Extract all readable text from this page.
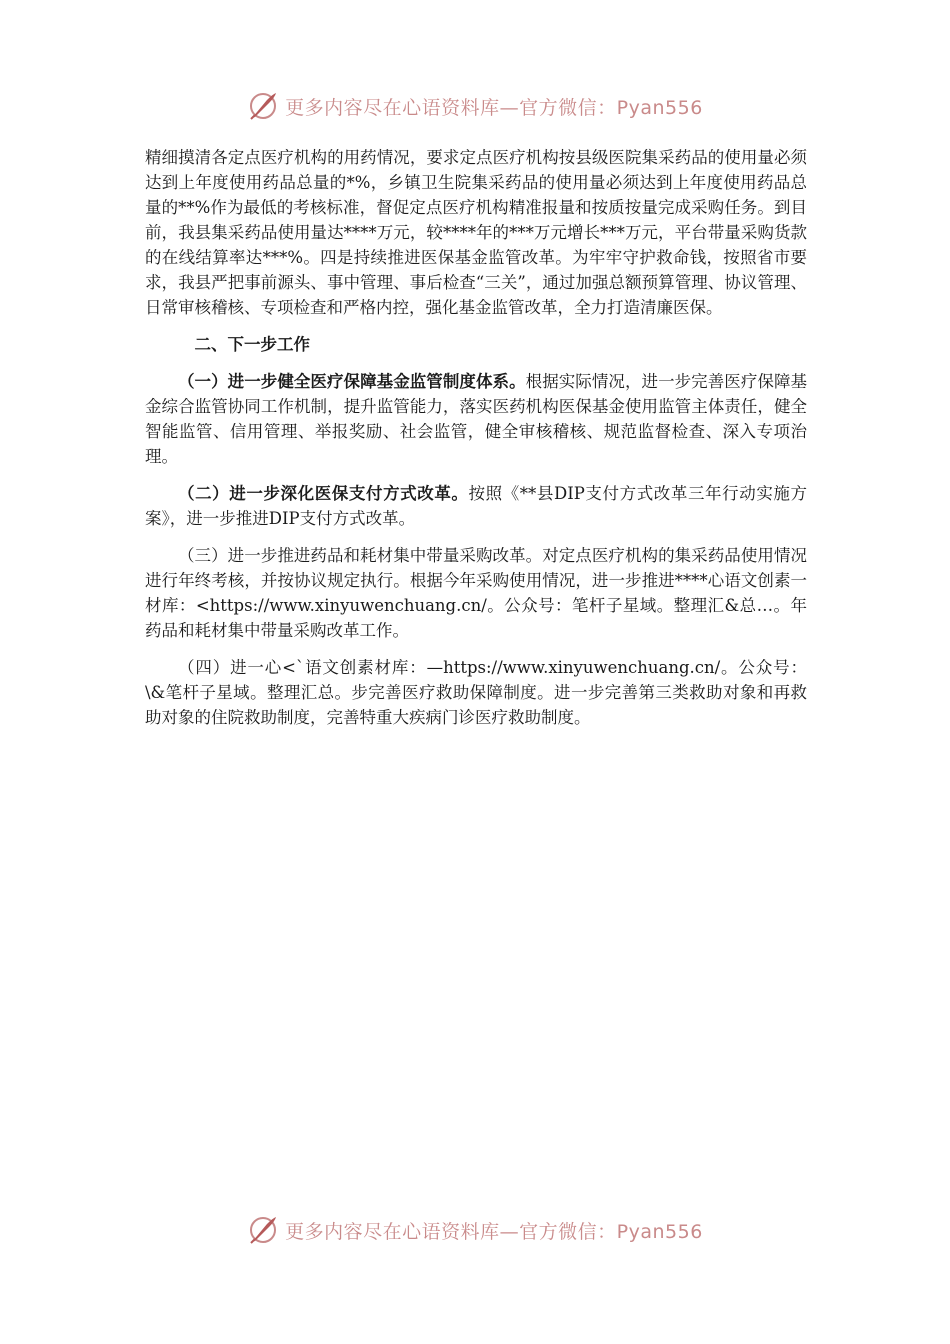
更多内容尽在心语资料库—官方微信：Pyan556

精细摸清各定点医疗机构的用药情况，要求定点医疗机构按县级医院集采药品的使用量必须达到上年度使用药品总量的*%，乡镇卫生院集采药品的使用量必须达到上年度使用药品总量的**%作为最低的考核标准，督促定点医疗机构精准报量和按质按量完成采购任务。到目前，我县集采药品使用量达****万元，较****年的***万元增长***万元，平台带量采购货款的在线结算率达***%。四是持续推进医保基金监管改革。为牢牢守护救命钱，按照省市要求，我县严把事前源头、事中管理、事后检查“三关”，通过加强总额预算管理、协议管理、日常审核稽核、专项检查和严格内控，强化基金监管改革，全力打造清廉医保。

二、下一步工作

（一）进一步健全医疗保障基金监管制度体系。根据实际情况，进一步完善医疗保障基金综合监管协同工作机制，提升监管能力，落实医药机构医保基金使用监管主体责任，健全智能监管、信用管理、举报奖励、社会监管，健全审核稽核、规范监督检查、深入专项治理。

（二）进一步深化医保支付方式改革。按照《**县DIP支付方式改革三年行动实施方案》，进一步推进DIP支付方式改革。

（三）进一步推进药品和耗材集中带量采购改革。对定点医疗机构的集采药品使用情况进行年终考核，并按协议规定执行。根据今年采购使用情况，进一步推进****心语文创素一材库：<https://www.xinyuwenchuang.cn/。公众号：笔杆子星域。整理汇&总…。年药品和耗材集中带量采购改革工作。

（四）进一心<`语文创素材库：—https://www.xinyuwenchuang.cn/。公众号：\&笔杆子星域。整理汇总。步完善医疗救助保障制度。进一步完善第三类救助对象和再救助对象的住院救助制度，完善特重大疾病门诊医疗救助制度。

更多内容尽在心语资料库—官方微信：Pyan556
